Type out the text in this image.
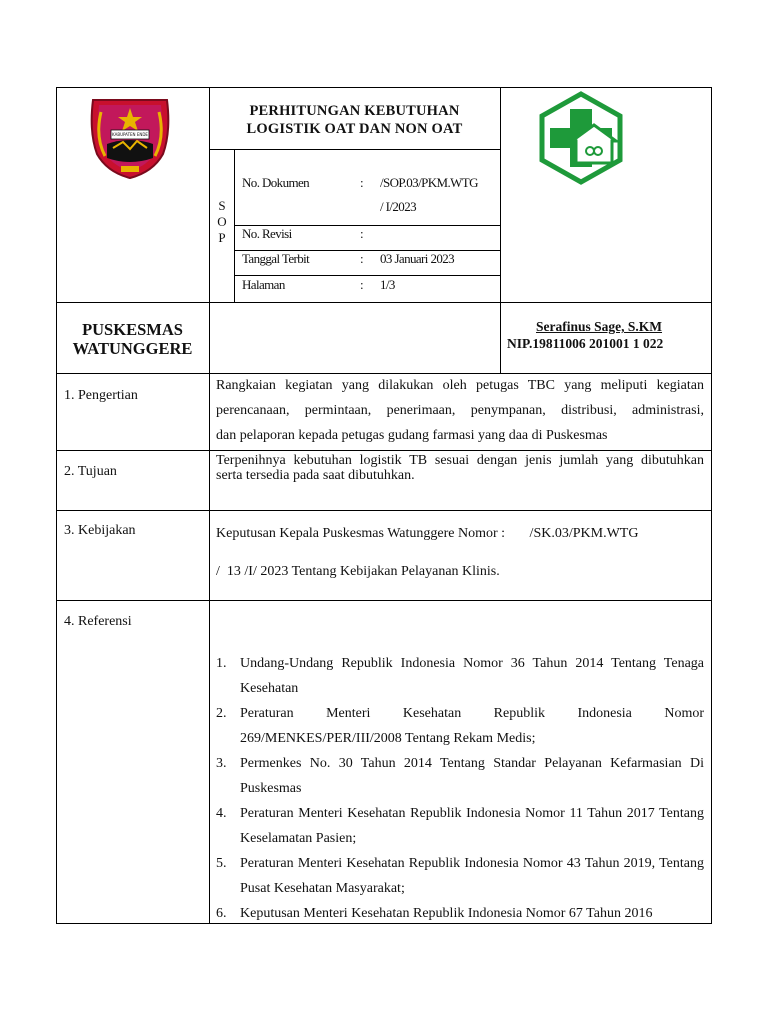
KABUPATEN ENDE
PERHITUNGAN KEBUTUHAN
LOGISTIK OAT DAN NON OAT
S
O
P
No. Dokumen	: /SOP.03/PKM.WTG
/ I/2023
No. Revisi	:
Tanggal Terbit	: 03 Januari 2023
Halaman	: 1/3
PUSKESMAS
WATUNGGERE
Serafinus Sage, S.KM
NIP.19811006 201001 1 022
1. Pengertian
Rangkaian kegiatan yang dilakukan oleh petugas TBC yang meliputi kegiatan
perencanaan, permintaan, penerimaan, penympanan, distribusi, administrasi,
dan pelaporan kepada petugas gudang farmasi yang daa di Puskesmas
2. Tujuan
Terpenihnya kebutuhan logistik TB sesuai dengan jenis jumlah yang dibutuhkan
serta tersedia pada saat dibutuhkan.
3. Kebijakan	Keputusan Kepala Puskesmas Watunggere Nomor :       /SK.03/PKM.WTG
/  13 /I/ 2023 Tentang Kebijakan Pelayanan Klinis.
4. Referensi
1. Undang-Undang Republik Indonesia Nomor 36 Tahun 2014 Tentang Tenaga Kesehatan
2. Peraturan Menteri Kesehatan Republik Indonesia Nomor 269/MENKES/PER/III/2008 Tentang Rekam Medis;
3. Permenkes No. 30 Tahun 2014 Tentang Standar Pelayanan Kefarmasian Di Puskesmas
4. Peraturan Menteri Kesehatan Republik Indonesia Nomor 11 Tahun 2017 Tentang Keselamatan Pasien;
5. Peraturan Menteri Kesehatan Republik Indonesia Nomor 43 Tahun 2019, Tentang Pusat Kesehatan Masyarakat;
6. Keputusan Menteri Kesehatan Republik Indonesia Nomor 67 Tahun 2016
